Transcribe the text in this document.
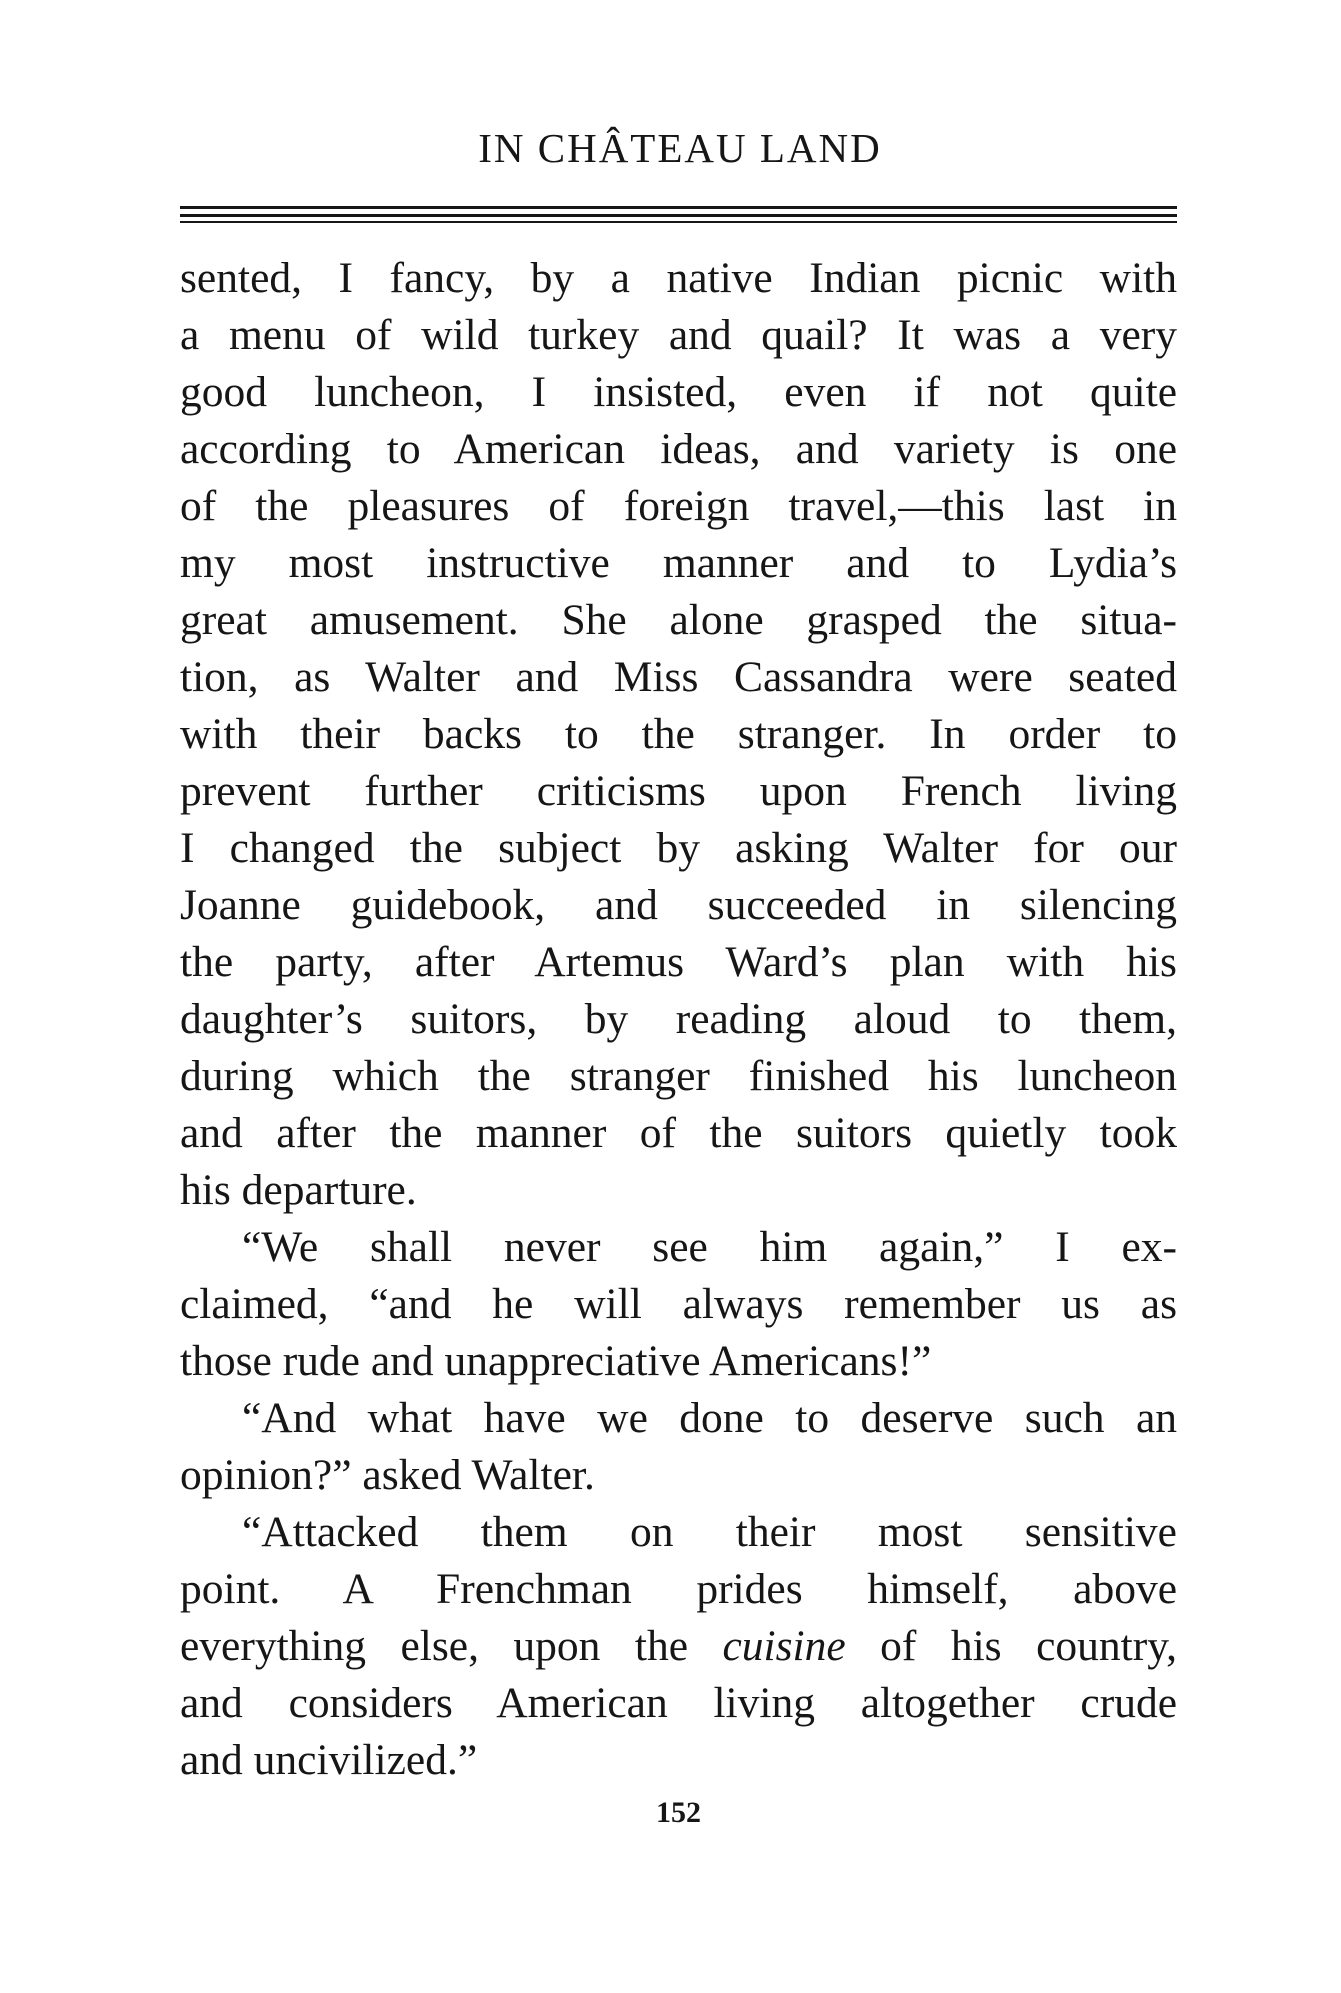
IN CHÂTEAU LAND
sented, I fancy, by a native Indian picnic with
a menu of wild turkey and quail? It was a very
good luncheon, I insisted, even if not quite
according to American ideas, and variety is one
of the pleasures of foreign travel,—this last in
my most instructive manner and to Lydia’s
great amusement. She alone grasped the situa-
tion, as Walter and Miss Cassandra were seated
with their backs to the stranger. In order to
prevent further criticisms upon French living
I changed the subject by asking Walter for our
Joanne guidebook, and succeeded in silencing
the party, after Artemus Ward’s plan with his
daughter’s suitors, by reading aloud to them,
during which the stranger finished his luncheon
and after the manner of the suitors quietly took
his departure.
“We shall never see him again,” I ex-
claimed, “and he will always remember us as
those rude and unappreciative Americans!”
“And what have we done to deserve such an
opinion?” asked Walter.
“Attacked them on their most sensitive
point. A Frenchman prides himself, above
everything else, upon the cuisine of his country,
and considers American living altogether crude
and uncivilized.”
152
